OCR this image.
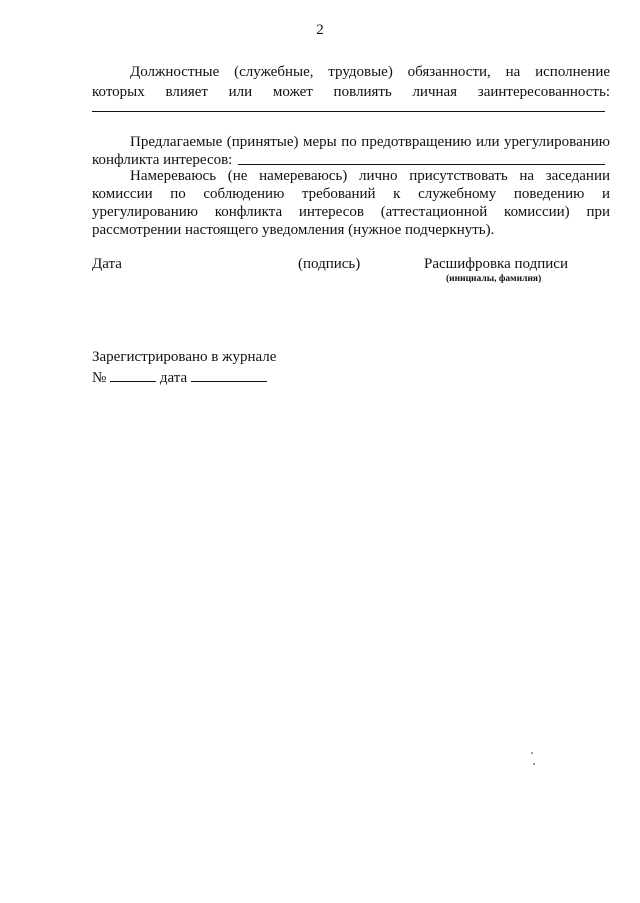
2
Должностные (служебные, трудовые) обязанности, на исполнение
которых влияет или может повлиять личная заинтересованность:
Предлагаемые (принятые) меры по предотвращению или урегулированию
конфликта интересов:
Намереваюсь (не намереваюсь) лично присутствовать на заседании
комиссии по соблюдению требований к служебному поведению и
урегулированию конфликта интересов (аттестационной комиссии) при
рассмотрении настоящего уведомления (нужное подчеркнуть).
Дата	(подпись)	Расшифровка подписи
(инициалы, фамилия)
Зарегистрировано в журнале
№	дата
